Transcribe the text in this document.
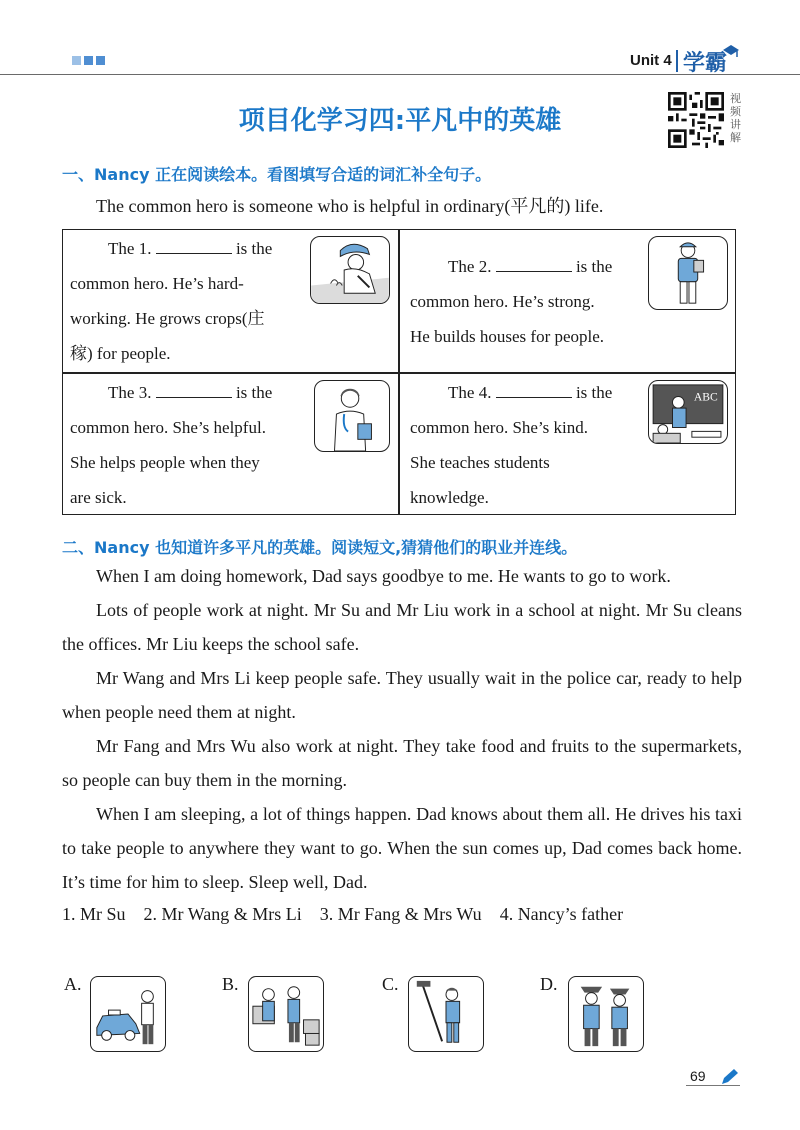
Unit 4 学霸
视
频
讲
解
项目化学习四:平凡中的英雄
一、Nancy 正在阅读绘本。看图填写合适的词汇补全句子。
The common hero is someone who is helpful in ordinary(平凡的) life.
The 1.	is the
common hero. He’s hard-
working. He grows crops(庄
稼) for people.
The 2.	is the
common hero. He’s strong.
He builds houses for people.
The 3.	is the
common hero. She’s helpful.
She helps people when they
are sick.
The 4.	is the
common hero. She’s kind.
She teaches students
knowledge.
ABC
二、Nancy 也知道许多平凡的英雄。阅读短文,猜猜他们的职业并连线。
When I am doing homework, Dad says goodbye to me. He wants to go to work.
Lots of people work at night. Mr Su and Mr Liu work in a school at night. Mr Su cleans the offices. Mr Liu keeps the school safe.
Mr Wang and Mrs Li keep people safe. They usually wait in the police car, ready to help when people need them at night.
Mr Fang and Mrs Wu also work at night. They take food and fruits to the supermarkets, so people can buy them in the morning.
When I am sleeping, a lot of things happen. Dad knows about them all. He drives his taxi to take people to anywhere they want to go. When the sun comes up, Dad comes back home. It’s time for him to sleep. Sleep well, Dad.
1. Mr Su 2. Mr Wang & Mrs Li 3. Mr Fang & Mrs Wu 4. Nancy’s father
A.	B.	C.	D.
69
